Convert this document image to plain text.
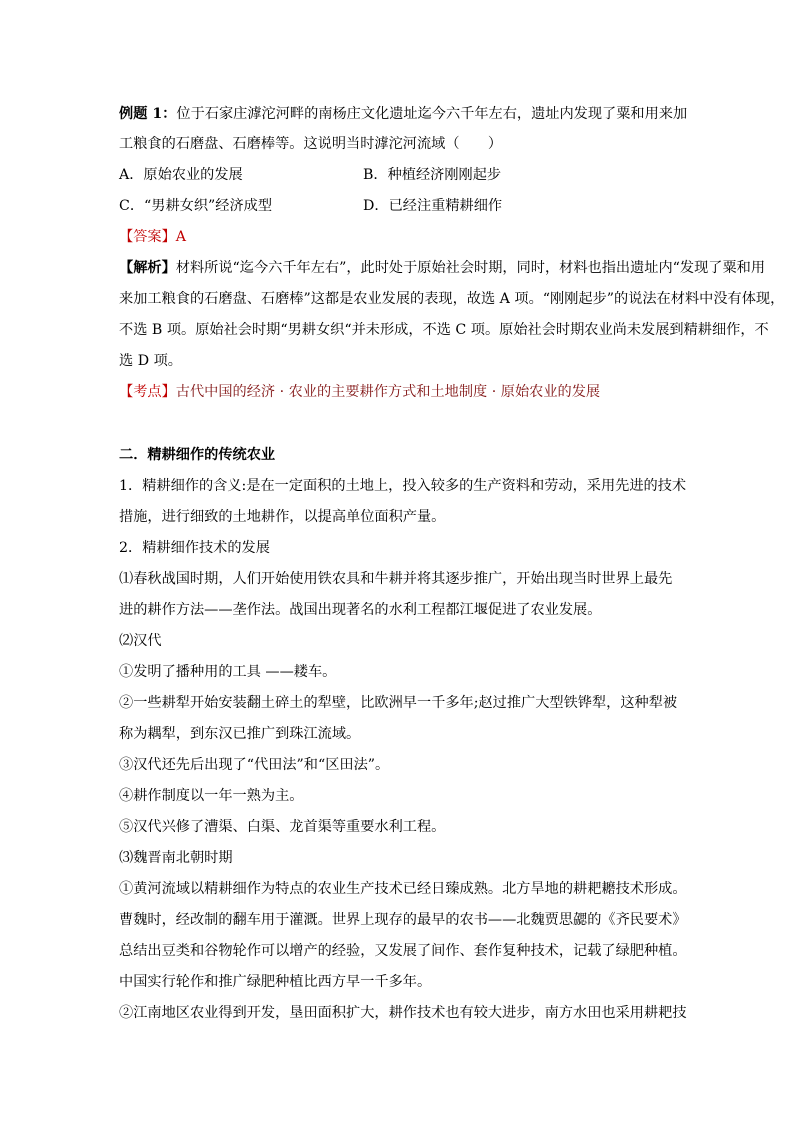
例题 1：位于石家庄滹沱河畔的南杨庄文化遗址迄今六千年左右，遗址内发现了粟和用来加
工粮食的石磨盘、石磨棒等。这说明当时滹沱河流域（　　）
A．原始农业的发展	B．种植经济刚刚起步
C．“男耕女织”经济成型	D．已经注重精耕细作
【答案】A
【解析】材料所说“迄今六千年左右”，此时处于原始社会时期，同时，材料也指出遗址内“发现了粟和用
来加工粮食的石磨盘、石磨棒”这都是农业发展的表现，故选 A 项。“刚刚起步”的说法在材料中没有体现，
不选 B 项。原始社会时期“男耕女织“并未形成，不选 C 项。原始社会时期农业尚未发展到精耕细作，不
选 D 项。
【考点】古代中国的经济 · 农业的主要耕作方式和土地制度 · 原始农业的发展
二．精耕细作的传统农业
1．精耕细作的含义:是在一定面积的土地上，投入较多的生产资料和劳动，采用先进的技术
措施，进行细致的土地耕作，以提高单位面积产量。
2．精耕细作技术的发展
⑴春秋战国时期，人们开始使用铁农具和牛耕并将其逐步推广，开始出现当时世界上最先
进的耕作方法——垄作法。战国出现著名的水利工程都江堰促进了农业发展。
⑵汉代
①发明了播种用的工具 ——耧车。
②一些耕犁开始安装翻土碎土的犁壁，比欧洲早一千多年;赵过推广大型铁铧犁，这种犁被
称为耦犁，到东汉已推广到珠江流域。
③汉代还先后出现了“代田法”和“区田法”。
④耕作制度以一年一熟为主。
⑤汉代兴修了漕渠、白渠、龙首渠等重要水利工程。
⑶魏晋南北朝时期
①黄河流域以精耕细作为特点的农业生产技术已经日臻成熟。北方旱地的耕耙耱技术形成。
曹魏时，经改制的翻车用于灌溉。世界上现存的最早的农书——北魏贾思勰的《齐民要术》
总结出豆类和谷物轮作可以增产的经验，又发展了间作、套作复种技术，记载了绿肥种植。
中国实行轮作和推广绿肥种植比西方早一千多年。
②江南地区农业得到开发，垦田面积扩大，耕作技术也有较大进步，南方水田也采用耕耙技
